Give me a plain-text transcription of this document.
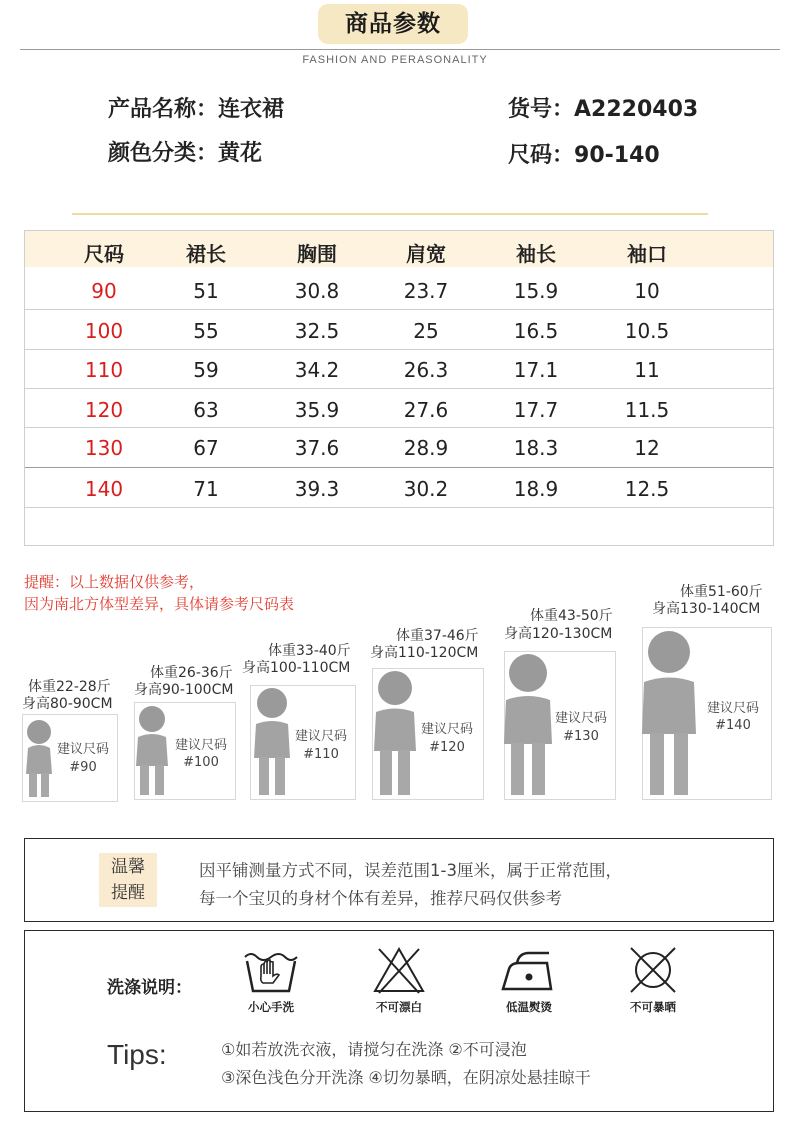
商品参数
FASHION AND PERASONALITY
产品名称：连衣裙
颜色分类：黄花
货号：A2220403
尺码：90-140
尺码	裙长	胸围	肩宽	袖长	袖口
90	51	30.8	23.7	15.9	10
100	55	32.5	25	16.5	10.5
110	59	34.2	26.3	17.1	11
120	63	35.9	27.6	17.7	11.5
130	67	37.6	28.9	18.3	12
140	71	39.3	30.2	18.9	12.5
提醒：以上数据仅供参考，
因为南北方体型差异，具体请参考尺码表
体重22-28斤
身高80-90CM
建议尺码
#90
体重26-36斤
身高90-100CM
建议尺码
#100
体重33-40斤
身高100-110CM
建议尺码
#110
体重37-46斤
身高110-120CM
建议尺码
#120
体重43-50斤
身高120-130CM
建议尺码
#130
体重51-60斤
身高130-140CM
建议尺码
#140
温馨
提醒
因平铺测量方式不同，误差范围1-3厘米，属于正常范围，
每一个宝贝的身材个体有差异，推荐尺码仅供参考
洗涤说明：
小心手洗	不可漂白	低温熨烫	不可暴晒
Tips:	①如若放洗衣液，请搅匀在洗涤 ②不可浸泡
③深色浅色分开洗涤 ④切勿暴晒，在阴凉处悬挂晾干
